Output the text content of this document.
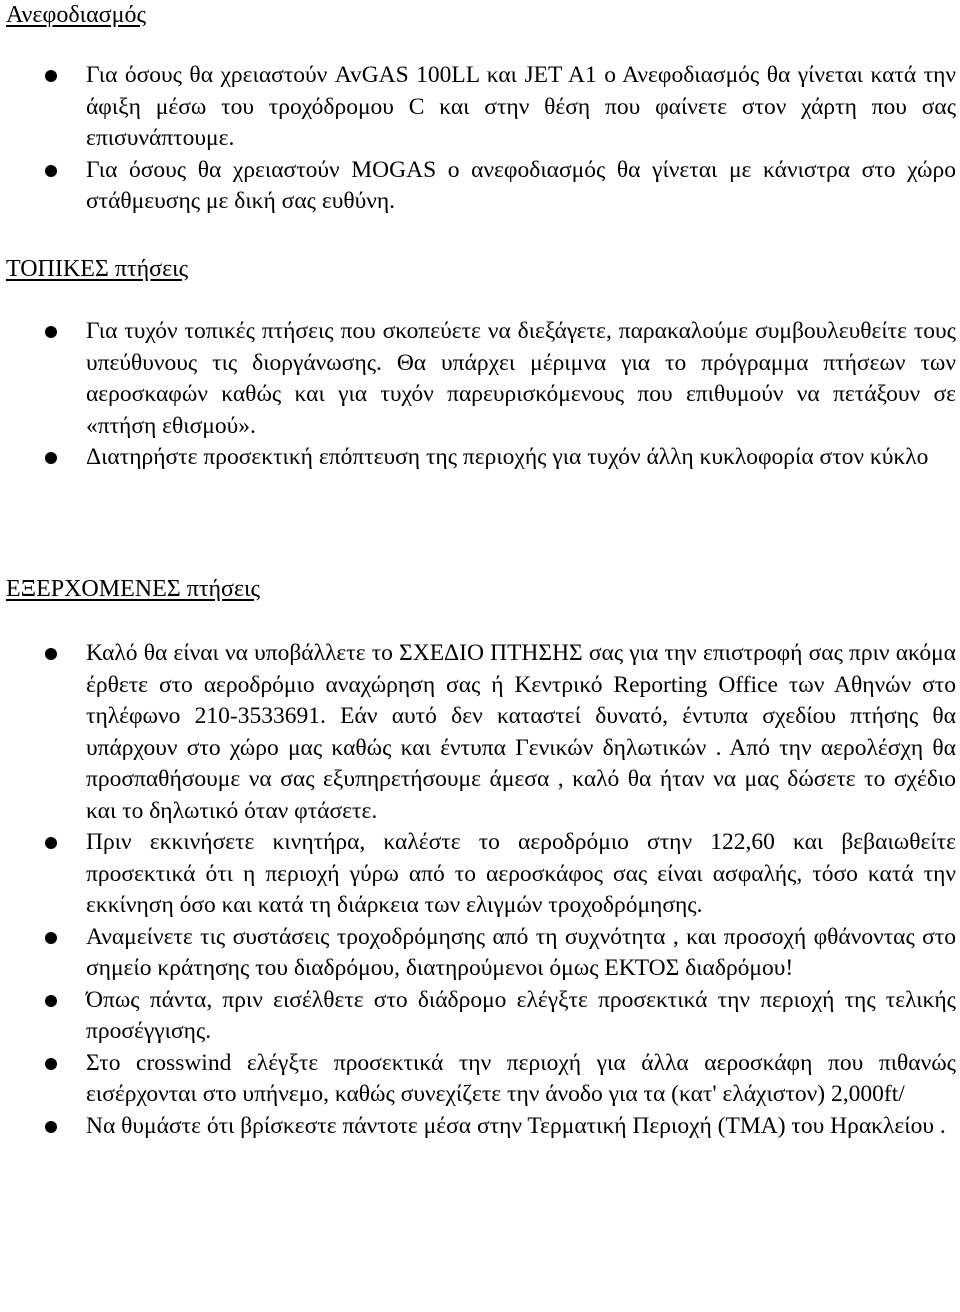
Ανεφοδιασμός
Για όσους θα χρειαστούν AvGAS 100LL και JET A1 ο Ανεφοδιασμός θα γίνεται κατά την άφιξη μέσω του τροχόδρομου C και στην θέση που φαίνετε στον χάρτη που σας επισυνάπτουμε.
Για όσους θα χρειαστούν MOGAS ο ανεφοδιασμός θα γίνεται με κάνιστρα στο χώρο στάθμευσης με δική σας ευθύνη.
ΤΟΠΙΚΕΣ πτήσεις
Για τυχόν τοπικές πτήσεις που σκοπεύετε να διεξάγετε, παρακαλούμε συμβουλευθείτε τους υπεύθυνους τις διοργάνωσης. Θα υπάρχει μέριμνα για το πρόγραμμα πτήσεων των αεροσκαφών καθώς και για τυχόν παρευρισκόμενους που επιθυμούν να πετάξουν σε «πτήση εθισμού».
Διατηρήστε προσεκτική επόπτευση της περιοχής για τυχόν άλλη κυκλοφορία στον κύκλο
ΕΞΕΡΧΟΜΕΝΕΣ πτήσεις
Καλό θα είναι να υποβάλλετε το ΣΧΕΔΙΟ ΠΤΗΣΗΣ σας για την επιστροφή σας πριν ακόμα έρθετε στο αεροδρόμιο αναχώρηση σας ή Κεντρικό Reporting Office των Αθηνών στο τηλέφωνο 210-3533691. Εάν αυτό δεν καταστεί δυνατό, έντυπα σχεδίου πτήσης θα υπάρχουν στο χώρο μας καθώς και έντυπα Γενικών δηλωτικών . Από την αερολέσχη θα προσπαθήσουμε να σας εξυπηρετήσουμε άμεσα , καλό θα ήταν να μας δώσετε το σχέδιο και το δηλωτικό όταν φτάσετε.
Πριν εκκινήσετε κινητήρα, καλέστε το αεροδρόμιο στην 122,60 και βεβαιωθείτε προσεκτικά ότι η περιοχή γύρω από το αεροσκάφος σας είναι ασφαλής, τόσο κατά την εκκίνηση όσο και κατά τη διάρκεια των ελιγμών τροχοδρόμησης.
Αναμείνετε τις συστάσεις τροχοδρόμησης από τη συχνότητα , και προσοχή φθάνοντας στο σημείο κράτησης του διαδρόμου, διατηρούμενοι όμως ΕΚΤΟΣ διαδρόμου!
Όπως πάντα, πριν εισέλθετε στο διάδρομο ελέγξτε προσεκτικά την περιοχή της τελικής προσέγγισης.
Στο crosswind ελέγξτε προσεκτικά την περιοχή για άλλα αεροσκάφη που πιθανώς εισέρχονται στο υπήνεμο, καθώς συνεχίζετε την άνοδο για τα (κατ' ελάχιστον) 2,000ft/
Να θυμάστε ότι βρίσκεστε πάντοτε μέσα στην Τερματική Περιοχή (TMA) του Ηρακλείου .
